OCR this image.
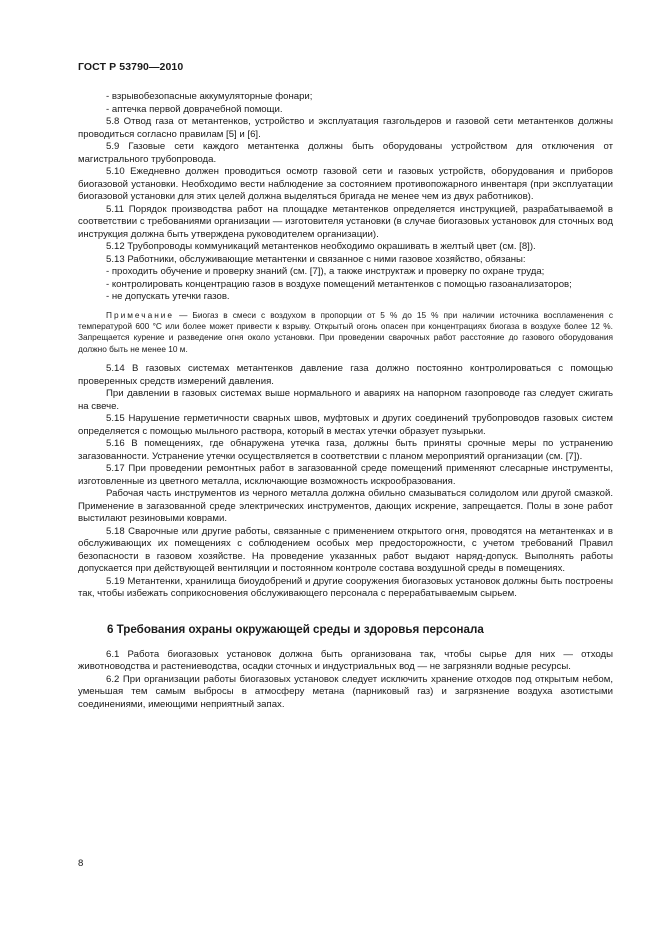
ГОСТ Р 53790—2010

- взрывобезопасные аккумуляторные фонари;

- аптечка первой доврачебной помощи.

5.8 Отвод газа от метантенков, устройство и эксплуатация газгольдеров и газовой сети метантенков должны проводиться согласно правилам [5] и [6].

5.9 Газовые сети каждого метантенка должны быть оборудованы устройством для отключения от магистрального трубопровода.

5.10 Ежедневно должен проводиться осмотр газовой сети и газовых устройств, оборудования и приборов биогазовой установки. Необходимо вести наблюдение за состоянием противопожарного инвентаря (при эксплуатации биогазовой установки для этих целей должна выделяться бригада не менее чем из двух работников).

5.11 Порядок производства работ на площадке метантенков определяется инструкцией, разрабатываемой в соответствии с требованиями организации — изготовителя установки (в случае биогазовых установок для сточных вод инструкция должна быть утверждена руководителем организации).

5.12 Трубопроводы коммуникаций метантенков необходимо окрашивать в желтый цвет (см. [8]).

5.13 Работники, обслуживающие метантенки и связанное с ними газовое хозяйство, обязаны:

- проходить обучение и проверку знаний (см. [7]), а также инструктаж и проверку по охране труда;

- контролировать концентрацию газов в воздухе помещений метантенков с помощью газоанализаторов;

- не допускать утечки газов.

Примечание — Биогаз в смеси с воздухом в пропорции от 5 % до 15 % при наличии источника воспламенения с температурой 600 °С или более может привести к взрыву. Открытый огонь опасен при концентрациях биогаза в воздухе более 12 %. Запрещается курение и разведение огня около установки. При проведении сварочных работ расстояние до газового оборудования должно быть не менее 10 м.

5.14 В газовых системах метантенков давление газа должно постоянно контролироваться с помощью проверенных средств измерений давления.

При давлении в газовых системах выше нормального и авариях на напорном газопроводе газ следует сжигать на свече.

5.15 Нарушение герметичности сварных швов, муфтовых и других соединений трубопроводов газовых систем определяется с помощью мыльного раствора, который в местах утечки образует пузырьки.

5.16 В помещениях, где обнаружена утечка газа, должны быть приняты срочные меры по устранению загазованности. Устранение утечки осуществляется в соответствии с планом мероприятий организации (см. [7]).

5.17 При проведении ремонтных работ в загазованной среде помещений применяют слесарные инструменты, изготовленные из цветного металла, исключающие возможность искрообразования.

Рабочая часть инструментов из черного металла должна обильно смазываться солидолом или другой смазкой. Применение в загазованной среде электрических инструментов, дающих искрение, запрещается. Полы в зоне работ выстилают резиновыми коврами.

5.18 Сварочные или другие работы, связанные с применением открытого огня, проводятся на метантенках и в обслуживающих их помещениях с соблюдением особых мер предосторожности, с учетом требований Правил безопасности в газовом хозяйстве. На проведение указанных работ выдают наряд-допуск. Выполнять работы допускается при действующей вентиляции и постоянном контроле состава воздушной среды в помещениях.

5.19 Метантенки, хранилища биоудобрений и другие сооружения биогазовых установок должны быть построены так, чтобы избежать соприкосновения обслуживающего персонала с перерабатываемым сырьем.

6 Требования охраны окружающей среды и здоровья персонала

6.1 Работа биогазовых установок должна быть организована так, чтобы сырье для них — отходы животноводства и растениеводства, осадки сточных и индустриальных вод — не загрязняли водные ресурсы.

6.2 При организации работы биогазовых установок следует исключить хранение отходов под открытым небом, уменьшая тем самым выбросы в атмосферу метана (парниковый газ) и загрязнение воздуха азотистыми соединениями, имеющими неприятный запах.

8
